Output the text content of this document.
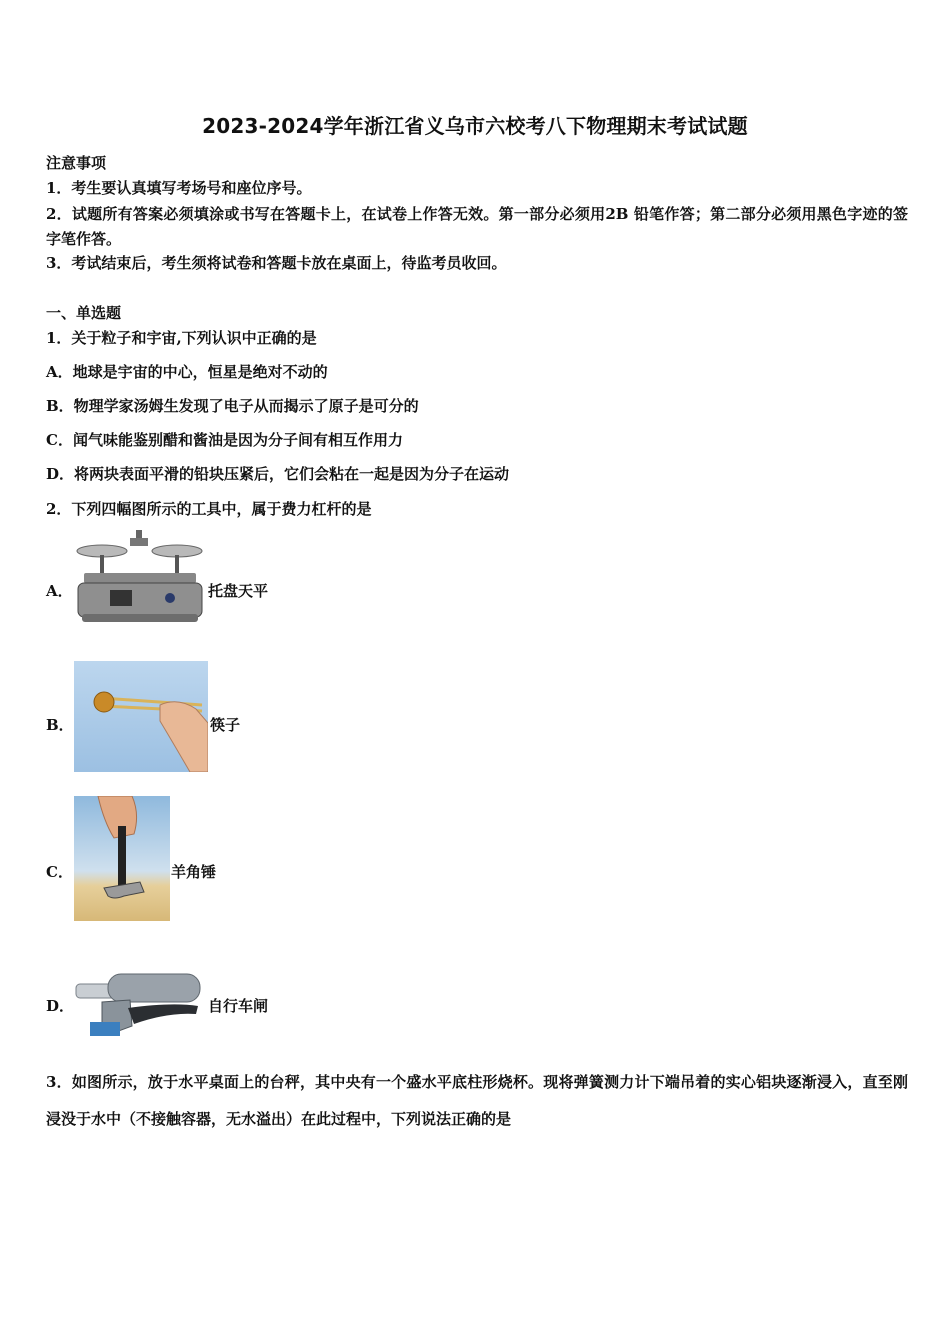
2023-2024学年浙江省义乌市六校考八下物理期末考试试题
注意事项
1．考生要认真填写考场号和座位序号。
2．试题所有答案必须填涂或书写在答题卡上，在试卷上作答无效。第一部分必须用2B 铅笔作答；第二部分必须用黑色字迹的签字笔作答。
3．考试结束后，考生须将试卷和答题卡放在桌面上，待监考员收回。
一、单选题
1．关于粒子和宇宙,下列认识中正确的是
A．地球是宇宙的中心，恒星是绝对不动的
B．物理学家汤姆生发现了电子从而揭示了原子是可分的
C．闻气味能鉴别醋和酱油是因为分子间有相互作用力
D．将两块表面平滑的铅块压紧后，它们会粘在一起是因为分子在运动
2．下列四幅图所示的工具中，属于费力杠杆的是
A．	托盘天平
B．	筷子
C．	羊角锤
D．	自行车闸
3．如图所示，放于水平桌面上的台秤，其中央有一个盛水平底柱形烧杯。现将弹簧测力计下端吊着的实心铝块逐渐浸入，直至刚浸没于水中（不接触容器，无水溢出）在此过程中，下列说法正确的是
